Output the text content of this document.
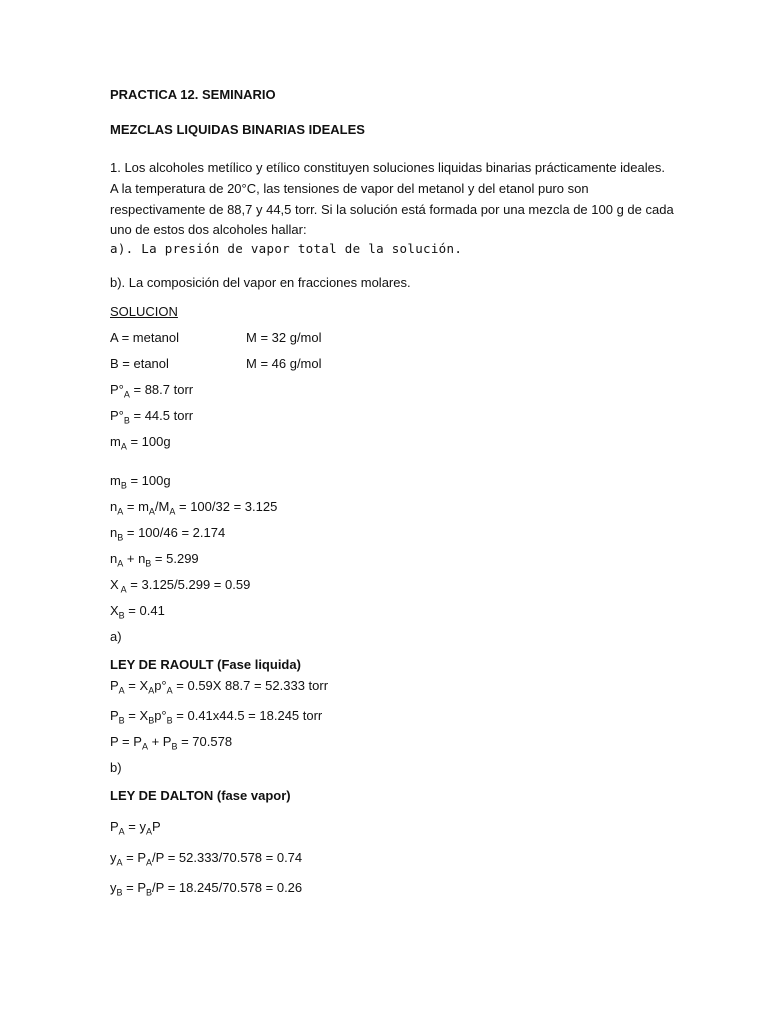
PRACTICA 12. SEMINARIO
MEZCLAS LIQUIDAS BINARIAS IDEALES
1. Los alcoholes metílico y etílico constituyen soluciones liquidas binarias prácticamente ideales.
A la temperatura de 20°C, las tensiones de vapor del metanol y del etanol puro son
respectivamente de 88,7 y 44,5 torr. Si la solución está formada por una mezcla de 100 g de cada
uno de estos dos alcoholes hallar:
a). La presión de vapor total de la solución.
b). La composición del vapor en fracciones molares.
SOLUCION
A = metanol	M = 32 g/mol
B = etanol	M = 46 g/mol
$P^\circ_A = 88.7$ torr
$P^\circ_B = 44.5$ torr
$m_A = 100g$
$m_B = 100g$
$n_A = m_A/M_A = 100/32 = 3.125$
$n_B = 100/46 = 2.174$
$n_A + n_B = 5.299$
X $_A$ = 3.125/5.299 = 0.59
$X_B = 0.41$
a)
LEY DE RAOULT (Fase liquida)
$P_A = X_Ap^\circ_A = 0.59X$ 88.7 = 52.333 torr
$P_B = X_Bp^\circ_B = 0.41x44.5 = 18.245$ torr
$P = P_A + P_B = 70.578$
b)
LEY DE DALTON (fase vapor)
$P_A = y_AP$
$y_A = P_A/P = 52.333/70.578 = 0.74$
$y_B = P_B/P = 18.245/70.578 = 0.26$
